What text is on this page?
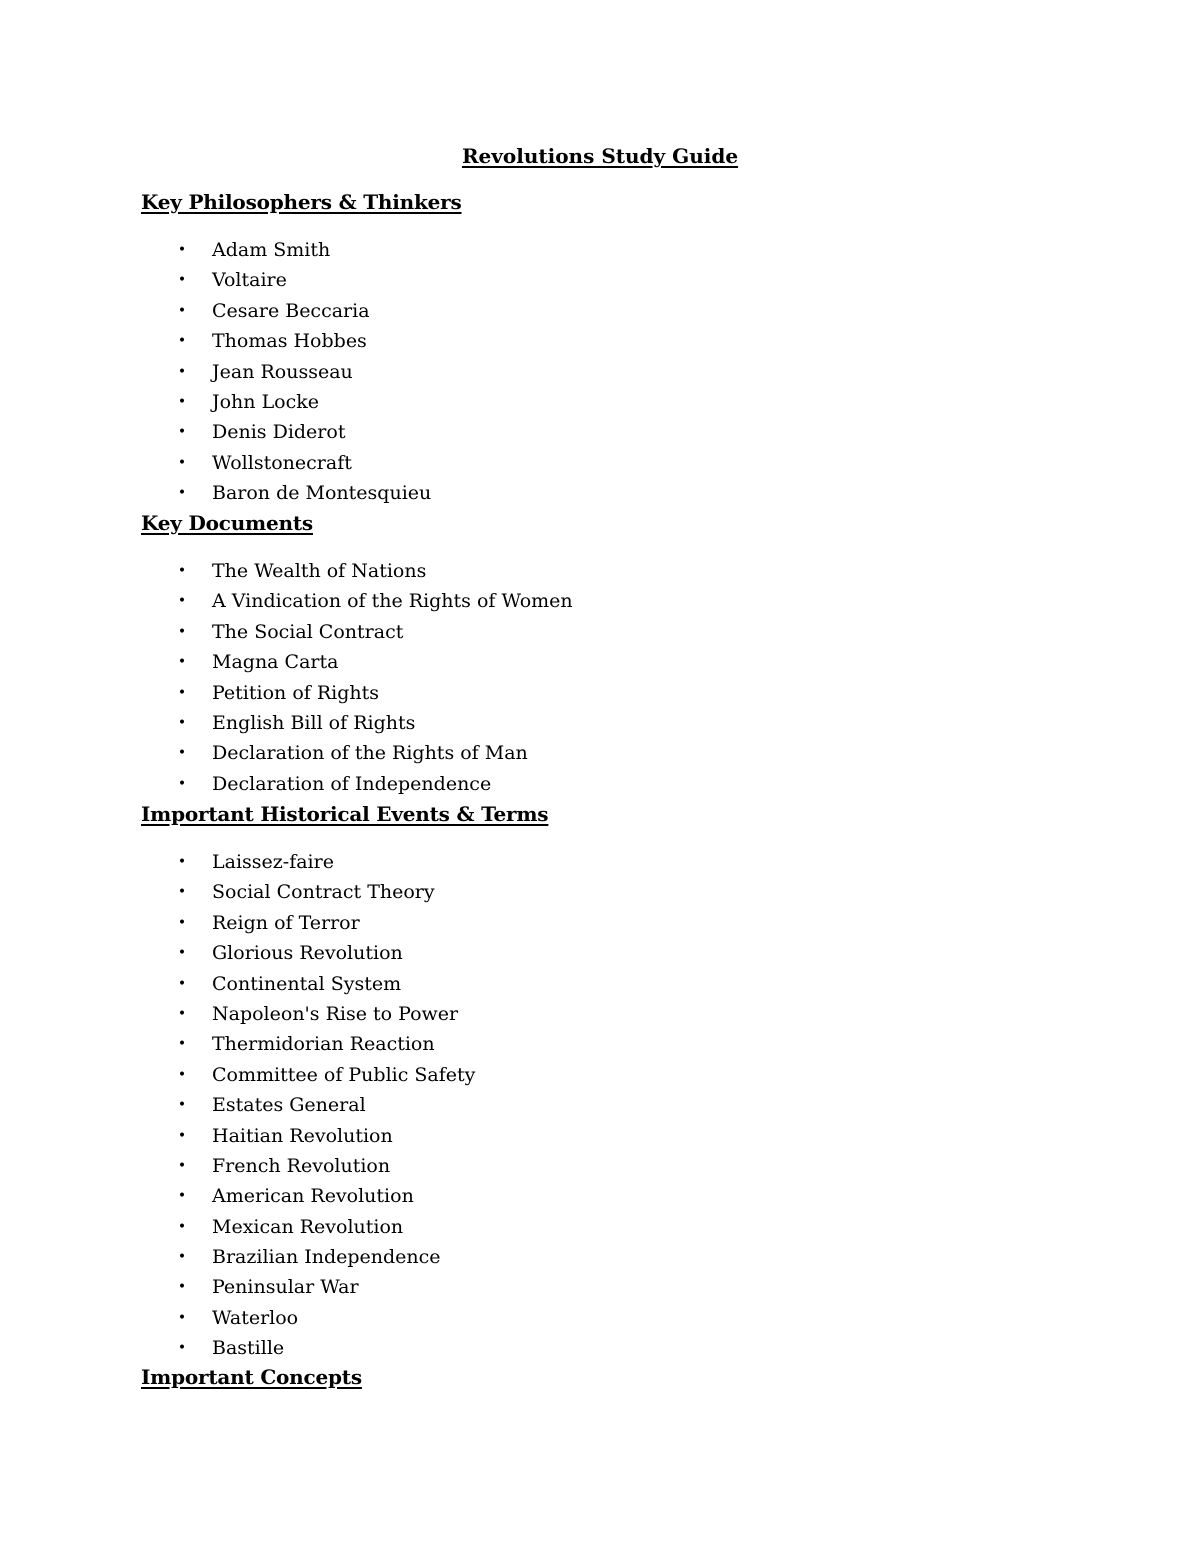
Revolutions Study Guide
Key Philosophers & Thinkers
• Adam Smith
• Voltaire
• Cesare Beccaria
• Thomas Hobbes
• Jean Rousseau
• John Locke
• Denis Diderot
• Wollstonecraft
• Baron de Montesquieu
Key Documents
• The Wealth of Nations
• A Vindication of the Rights of Women
• The Social Contract
• Magna Carta
• Petition of Rights
• English Bill of Rights
• Declaration of the Rights of Man
• Declaration of Independence
Important Historical Events & Terms
• Laissez-faire
• Social Contract Theory
• Reign of Terror
• Glorious Revolution
• Continental System
• Napoleon's Rise to Power
• Thermidorian Reaction
• Committee of Public Safety
• Estates General
• Haitian Revolution
• French Revolution
• American Revolution
• Mexican Revolution
• Brazilian Independence
• Peninsular War
• Waterloo
• Bastille
Important Concepts
